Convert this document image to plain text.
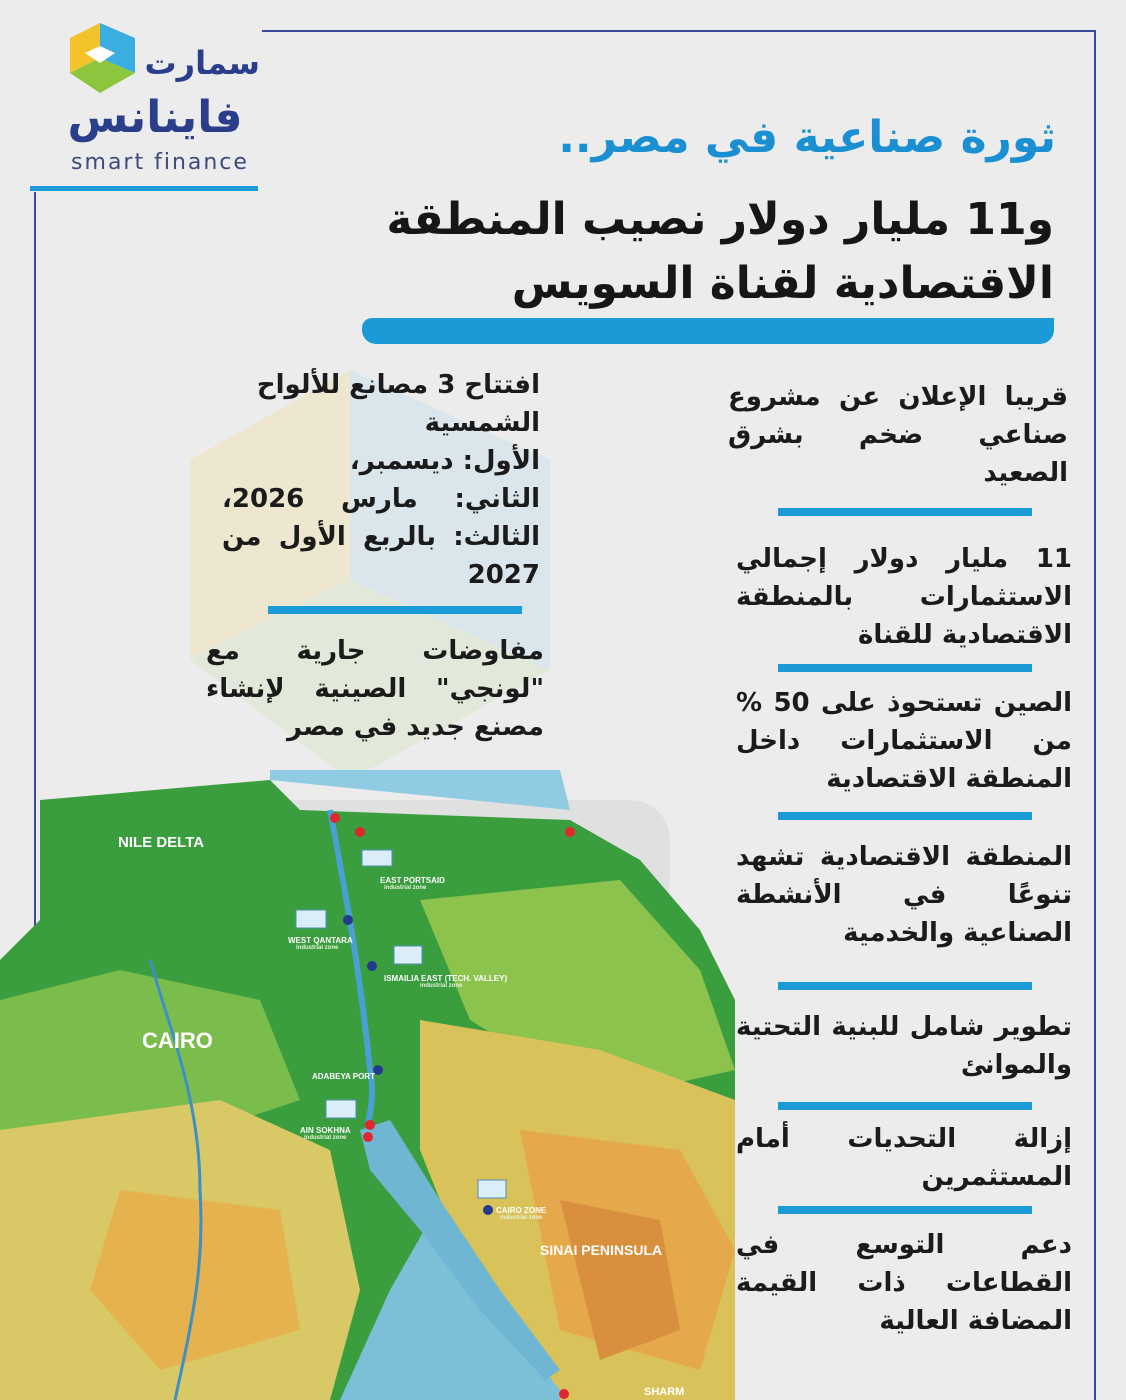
سمارت
فاينانس
smart finance	ثورة صناعية في مصر..
و11 مليار دولار نصيب المنطقة الاقتصادية لقناة السويس
قريبا الإعلان عن مشروع صناعي ضخم بشرق الصعيد
11 مليار دولار إجمالي الاستثمارات بالمنطقة الاقتصادية للقناة
الصين تستحوذ على 50 % من الاستثمارات داخل المنطقة الاقتصادية
المنطقة الاقتصادية تشهد تنوعًا في الأنشطة الصناعية والخدمية
تطوير شامل للبنية التحتية والموانئ
إزالة التحديات أمام المستثمرين
دعم التوسع في القطاعات ذات القيمة المضافة العالية
افتتاح 3 مصانع للألواح
الشمسية
الأول: ديسمبر،
الثاني: مارس 2026،
الثالث: بالربع الأول من
2027
مفاوضات جارية مع "لونجي" الصينية لإنشاء مصنع جديد في مصر
NILE DELTA
CAIRO
SINAI PENINSULA
EAST PORTSAID
industrial zone
WEST QANTARA
industrial zone
ISMAILIA EAST (TECH. VALLEY)
industrial zone
ADABEYA PORT
AIN SOKHNA
industrial zone
CAIRO ZONE
industrial zone
SHARM
